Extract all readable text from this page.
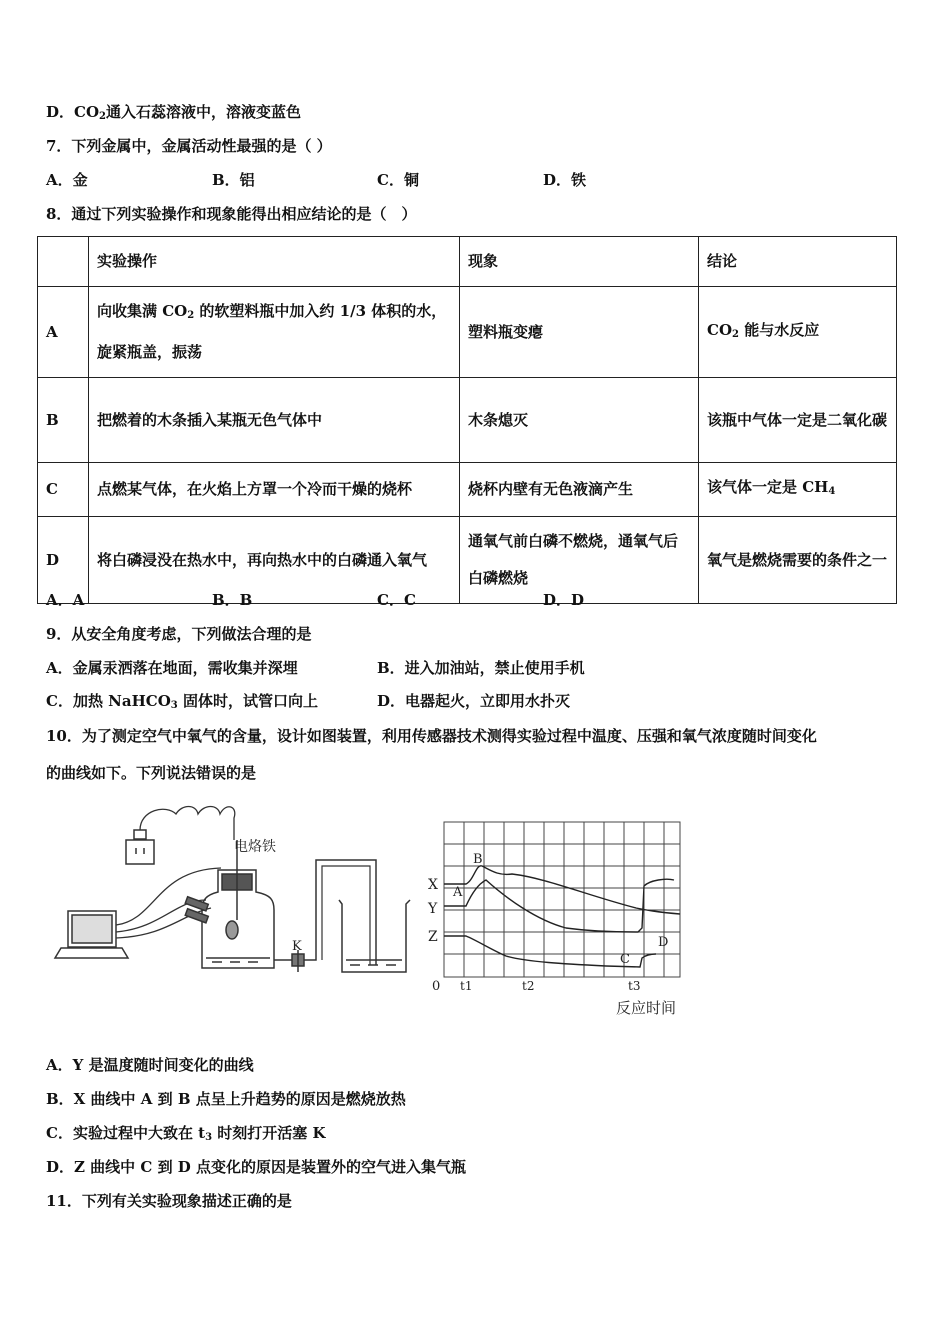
D．$CO_2$通入石蕊溶液中，溶液变蓝色
7．下列金属中，金属活动性最强的是（ ）
A．金	B．铝	C．铜	D．铁
8．通过下列实验操作和现象能得出相应结论的是（　）
	实验操作	现象	结论
A	向收集满 $CO_2$ 的软塑料瓶中加入约 1/3 体积的水，旋紧瓶盖，振荡	塑料瓶变瘪	$CO_2$ 能与水反应
B	把燃着的木条插入某瓶无色气体中	木条熄灭	该瓶中气体一定是二氧化碳
C	点燃某气体，在火焰上方罩一个冷而干燥的烧杯	烧杯内壁有无色液滴产生	该气体一定是 $CH_4$
D	将白磷浸没在热水中，再向热水中的白磷通入氧气	通氧气前白磷不燃烧，通氧气后白磷燃烧	氧气是燃烧需要的条件之一
A．A	B．B	C．C	D．D
9．从安全角度考虑，下列做法合理的是
A．金属汞洒落在地面，需收集并深埋	B．进入加油站，禁止使用手机
C．加热 NaHCO$_3$ 固体时，试管口向上	D．电器起火，立即用水扑灭
10．为了测定空气中氧气的含量，设计如图装置，利用传感器技术测得实验过程中温度、压强和氧气浓度随时间变化
的曲线如下。下列说法错误的是
电烙铁
K
X
Y
Z
A
B
C
D
0 t1	t2	t3
反应时间
A．Y 是温度随时间变化的曲线
B．X 曲线中 A 到 B 点呈上升趋势的原因是燃烧放热
C．实验过程中大致在 $t_3$ 时刻打开活塞 K
D．Z 曲线中 C 到 D 点变化的原因是装置外的空气进入集气瓶
11．下列有关实验现象描述正确的是
